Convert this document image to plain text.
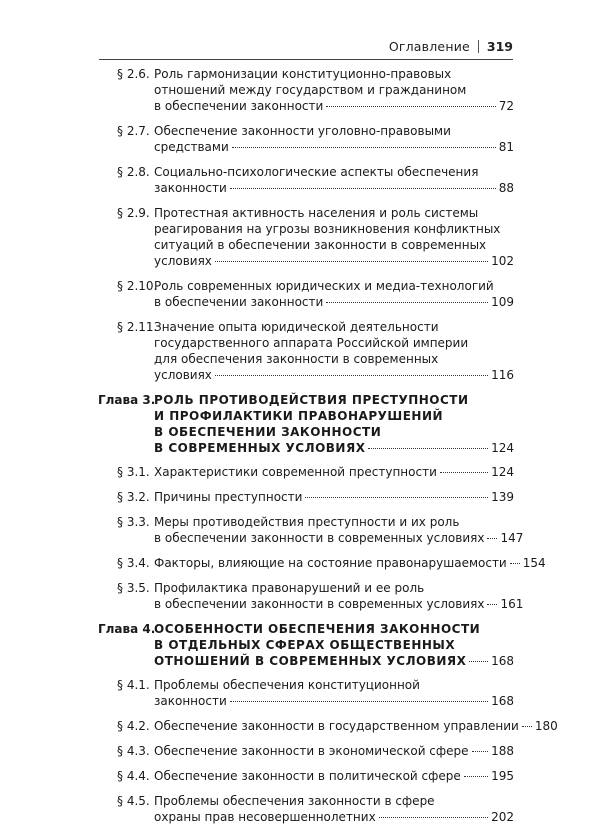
Оглавление 319
§ 2.6. Роль гармонизации конституционно-правовых
отношений между государством и гражданином
в обеспечении законности	72
§ 2.7. Обеспечение законности уголовно-правовыми
средствами	81
§ 2.8. Социально-психологические аспекты обеспечения
законности	88
§ 2.9. Протестная активность населения и роль системы
реагирования на угрозы возникновения конфликтных
ситуаций в обеспечении законности в современных
условиях	102
§ 2.10.
Роль современных юридических и медиа-технологий
в обеспечении законности	109
§ 2.11.
Значение опыта юридической деятельности
государственного аппарата Российской империи
для обеспечения законности в современных
условиях	116
Глава 3.
РОЛЬ ПРОТИВОДЕЙСТВИЯ ПРЕСТУПНОСТИ
И ПРОФИЛАКТИКИ ПРАВОНАРУШЕНИЙ
В ОБЕСПЕЧЕНИИ ЗАКОННОСТИ
В СОВРЕМЕННЫХ УСЛОВИЯХ	124
§ 3.1. Характеристики современной преступности	124
§ 3.2. Причины преступности	139
§ 3.3. Меры противодействия преступности и их роль
в обеспечении законности в современных условиях 147
§ 3.4. Факторы, влияющие на состояние правонарушаемости 154
§ 3.5. Профилактика правонарушений и ее роль
в обеспечении законности в современных условиях 161
Глава 4.
ОСОБЕННОСТИ ОБЕСПЕЧЕНИЯ ЗАКОННОСТИ
В ОТДЕЛЬНЫХ СФЕРАХ ОБЩЕСТВЕННЫХ
ОТНОШЕНИЙ В СОВРЕМЕННЫХ УСЛОВИЯХ 168
§ 4.1. Проблемы обеспечения конституционной
законности	168
§ 4.2. Обеспечение законности в государственном управлении 180
§ 4.3. Обеспечение законности в экономической сфере 188
§ 4.4. Обеспечение законности в политической сфере	195
§ 4.5. Проблемы обеспечения законности в сфере
охраны прав несовершеннолетних	202
